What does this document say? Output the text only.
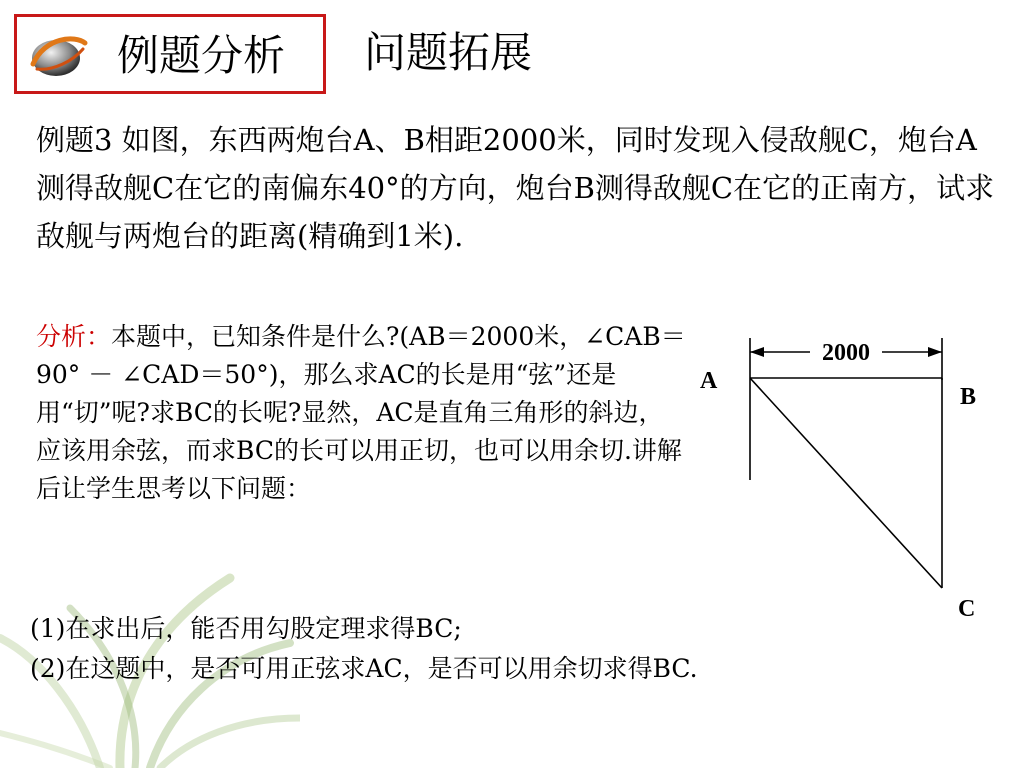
例题分析 问题拓展

例题3 如图，东西两炮台A、B相距2000米，同时发现入侵敌舰C，炮台A测得敌舰C在它的南偏东40°的方向，炮台B测得敌舰C在它的正南方，试求敌舰与两炮台的距离(精确到1米).

分析：本题中，已知条件是什么?(AB＝2000米，∠CAB＝90° － ∠CAD＝50°)，那么求AC的长是用“弦”还是用“切”呢?求BC的长呢?显然，AC是直角三角形的斜边，应该用余弦，而求BC的长可以用正切，也可以用余切.讲解后让学生思考以下问题：

(1)在求出后，能否用勾股定理求得BC;

(2)在这题中，是否可用正弦求AC，是否可以用余切求得BC.

2000
A
B
C
